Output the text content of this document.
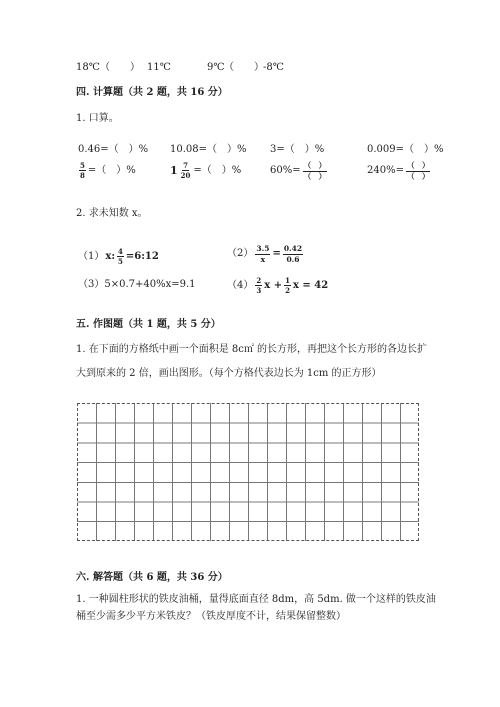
18℃ （　　） 11℃	9℃ （　　） -8℃
四. 计算题（共 2 题，共 16 分）
1. 口算。
0.46=（　）% 10.08=（　）% 3=（　）%	0.009=（　）%
$\frac{5}{8}$ =（　）%	$1 \frac{7}{20}$ =（　）%	$60\%= \frac{( )}{( )}$	$240\%= \frac{( )}{( )}$
2. 求未知数 x。
（1） x: $\frac{4}{5}$ =6:12	$(2) \frac{3.5}{x} = \frac{0.42}{0.6}$
（3）5×0.7+40%x=9.1	$(4) \frac{2}{3}$ $x + \frac{1}{2}$ x = 42
五. 作图题（共 1 题，共 5 分）
1. 在下面的方格纸中画一个面积是 8c㎡ 的长方形，再把这个长方形的各边长扩
大到原来的 2 倍，画出图形。（每个方格代表边长为 1cm 的正方形）
六. 解答题（共 6 题，共 36 分）
1. 一种圆柱形状的铁皮油桶，量得底面直径 8dm，高 5dm. 做一个这样的铁皮油
桶至少需多少平方米铁皮？（铁皮厚度不计，结果保留整数）
